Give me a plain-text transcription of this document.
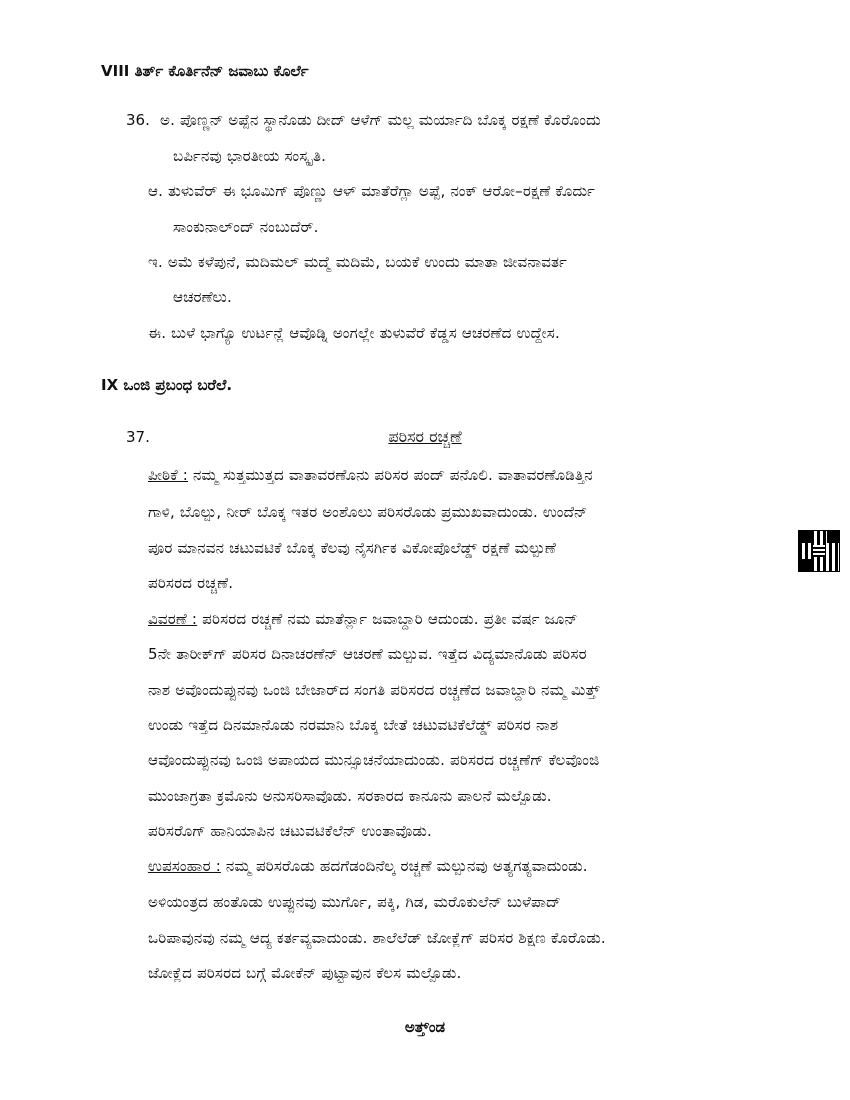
VIII ತಿರ್ತ್ ಕೊರ್ತಿನೆನ್ ಜವಾಬು ಕೊರ್ಲೆ
36. ಅ. ಪೊಣ್ಣನ್ ಅಪ್ಪೆನ ಸ್ಥಾನೊಡು ದೀದ್ ಆಳೆಗ್ ಮಲ್ಲ ಮರ್ಯಾದಿ ಬೊಕ್ಕ ರಕ್ಷಣೆ ಕೊರೊಂದು
ಬರ್ಪಿನವು ಭಾರತೀಯ ಸಂಸ್ಕೃತಿ.
ಆ. ತುಳುವೆರ್ ಈ ಭೂಮಿಗ್ ಪೊಣ್ಣು ಆಳ್ ಮಾತೆರೆಗ್ಲಾ ಅಪ್ಪೆ, ನಂಕ್ ಆರೋ–ರಕ್ಷಣೆ ಕೊರ್ದು
ಸಾಂಕುನಾಲ್ಂದ್ ನಂಬುದೆರ್.
ಇ. ಅಮೆ ಕಳೆಪುನೆ, ಮದಿಮಲ್ ಮದ್ಮೆ ಮದಿಮೆ, ಬಯಕೆ ಉಂದು ಮಾತಾ ಜೀವನಾವರ್ತ
ಆಚರಣೆಲು.
ಈ. ಬುಳೆ ಭಾಗ್ಯೊ ಉರ್ಟನ್ಲೆ ಆವೊಡ್ನಿ ಅಂಗಲ್ಲೇ ತುಳುವೆರೆ ಕೆಡ್ಡಸ ಆಚರಣೆದ ಉದ್ದೇಸ.
IX ಒಂಜಿ ಪ್ರಬಂಧ ಬರೆಲೆ.
37.	ಪರಿಸರ ರಚ್ಚಣೆ
ಪೀಠಿಕೆ : ನಮ್ಮ ಸುತ್ತಮುತ್ತದ ವಾತಾವರಣೊನು ಪರಿಸರ ಪಂದ್ ಪನೊಲಿ. ವಾತಾವರಣೊಡಿತ್ತಿನ
ಗಾಳಿ, ಬೊಲ್ಪು, ನೀರ್ ಬೊಕ್ಕ ಇತರ ಅಂಶೊಲು ಪರಿಸರೊಡು ಪ್ರಮುಖವಾದುಂಡು. ಉಂದೆನ್
ಪೂರ ಮಾನವನ ಚಟುವಟಿಕೆ ಬೊಕ್ಕ ಕೆಲವು ನೈಸರ್ಗಿಕ ವಿಕೋಪೊಲೆಡ್ಡ್ ರಕ್ಷಣೆ ಮಲ್ಪುಣೆ
ಪರಿಸರದ ರಚ್ಚಣೆ.
ವಿವರಣೆ : ಪರಿಸರದ ರಚ್ಚಣೆ ನಮ ಮಾತೆರ್ನ್ಲಾ ಜವಾಬ್ದಾರಿ ಆದುಂಡು. ಪ್ರತೀ ವರ್ಷ ಜೂನ್
5ನೇ ತಾರೀಕ್‌ಗ್ ಪರಿಸರ ದಿನಾಚರಣೆನ್ ಆಚರಣೆ ಮಲ್ಪುವ. ಇತ್ತೆದ ವಿದ್ಯಮಾನೊಡು ಪರಿಸರ
ನಾಶ ಅವೊಂದುಪ್ಪುನವು ಒಂಜಿ ಬೇಜಾರ್‌ದ ಸಂಗತಿ ಪರಿಸರದ ರಚ್ಚಣೆದ ಜವಾಬ್ದಾರಿ ನಮ್ಮ ಮಿತ್ತ್
ಉಂಡು ಇತ್ತೆದ ದಿನಮಾನೊಡು ನರಮಾನಿ ಬೊಕ್ಕ ಬೇತೆ ಚಟುವಟಿಕೆಲೆಡ್ಡ್ ಪರಿಸರ ನಾಶ
ಆವೊಂದುಪ್ಪುನವು ಒಂಜಿ ಅಪಾಯದ ಮುನ್ಸೂಚನೆಯಾದುಂಡು. ಪರಿಸರದ ರಚ್ಚಣೆಗ್ ಕೆಲವೊಂಜಿ
ಮುಂಜಾಗ್ರತಾ ಕ್ರಮೊನು ಅನುಸರಿಸಾವೊಡು. ಸರಕಾರದ ಕಾನೂನು ಪಾಲನೆ ಮಲ್ಪೊಡು.
ಪರಿಸರೊಗ್ ಹಾನಿಯಾಪಿನ ಚಟುವಟಿಕೆಲೆನ್ ಉಂತಾವೊಡು.
ಉಪಸಂಹಾರ : ನಮ್ಮ ಪರಿಸರೊಡು ಹದಗೆಡಂದಿನೆಲ್ಕ ರಚ್ಚಣೆ ಮಲ್ಪುನವು ಅತ್ಯಗತ್ಯವಾದುಂಡು.
ಅಳಿಯಂತ್ರದ ಹಂತೊಡು ಉಪ್ಪುನವು ಮುರ್ಗೊ, ಪಕ್ಕಿ, ಗಿಡ, ಮರೊಕುಲೆನ್ ಬುಳೆಪಾದ್
ಒರಿಪಾವುನವು ನಮ್ಮ ಆದ್ಯ ಕರ್ತವ್ಯವಾದುಂಡು. ಶಾಲೆಲೆಡ್ ಜೋಕ್ಲೆಗ್ ಪರಿಸರ ಶಿಕ್ಷಣ ಕೊರೊಡು.
ಜೋಕ್ಲೆದ ಪರಿಸರದ ಬಗ್ಗೆ ಮೋಕೆನ್ ಪುಟ್ಟಾವುನ ಕೆಲಸ ಮಲ್ಪೊಡು.
ಅತ್ತ್‌ಂಡ
